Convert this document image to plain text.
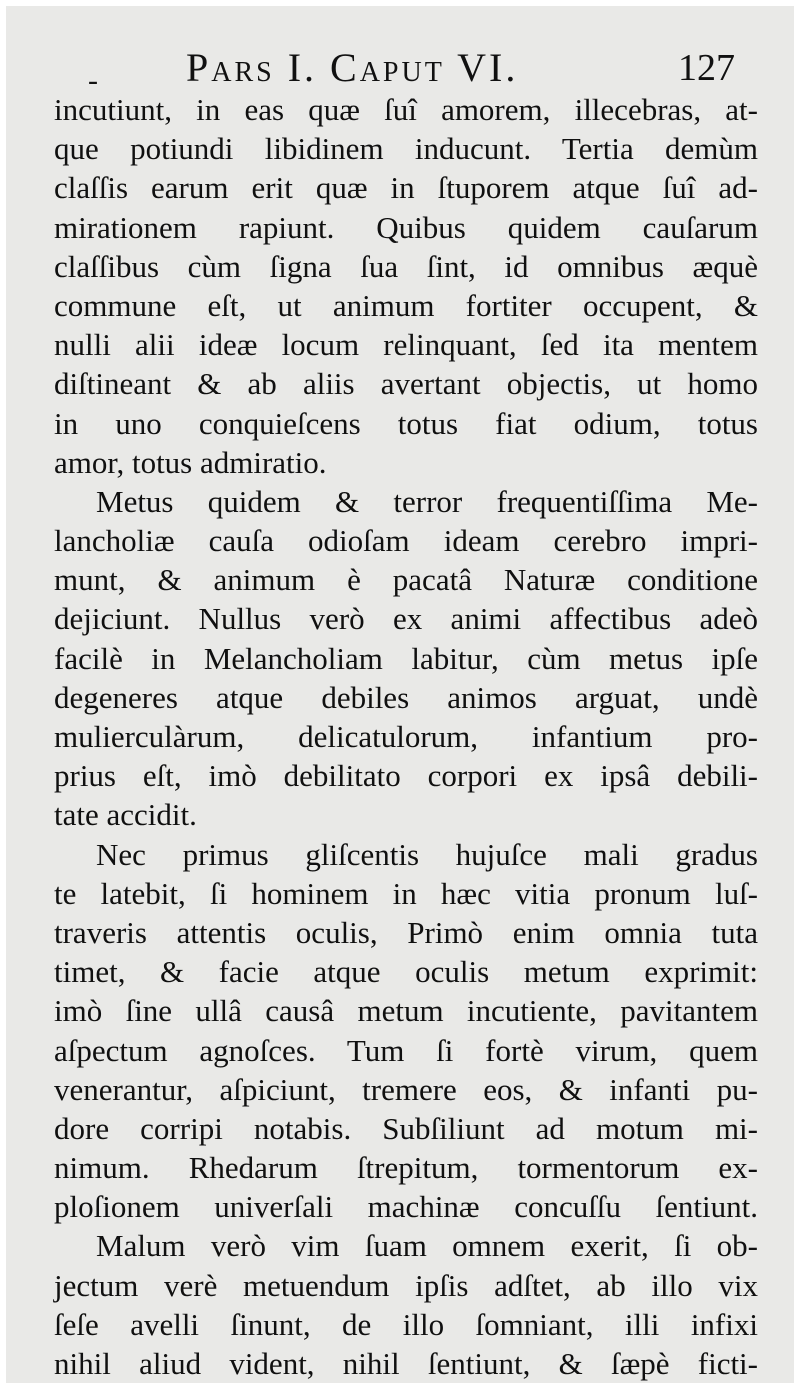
- Pars I. Caput VI.	127
incutiunt, in eas quæ ſuî amorem, illecebras, at-
que potiundi libidinem inducunt. Tertia demùm
claſſis earum erit quæ in ſtuporem atque ſuî ad-
mirationem rapiunt. Quibus quidem cauſarum
claſſibus cùm ſigna ſua ſint, id omnibus æquè
commune eſt, ut animum fortiter occupent, &
nulli alii ideæ locum relinquant, ſed ita mentem
diſtineant & ab aliis avertant objectis, ut homo
in uno conquieſcens totus fiat odium, totus
amor, totus admiratio.
Metus quidem & terror frequentiſſima Me-
lancholiæ cauſa odioſam ideam cerebro impri-
munt, & animum è pacatâ Naturæ conditione
dejiciunt. Nullus verò ex animi affectibus adeò
facilè in Melancholiam labitur, cùm metus ipſe
degeneres atque debiles animos arguat, undè
mulierculàrum, delicatulorum, infantium pro-
prius eſt, imò debilitato corpori ex ipsâ debili-
tate accidit.
Nec primus gliſcentis hujuſce mali gradus
te latebit, ſi hominem in hæc vitia pronum luſ-
traveris attentis oculis, Primò enim omnia tuta
timet, & facie atque oculis metum exprimit:
imò ſine ullâ causâ metum incutiente, pavitantem
aſpectum agnoſces. Tum ſi fortè virum, quem
venerantur, aſpiciunt, tremere eos, & infanti pu-
dore corripi notabis. Subſiliunt ad motum mi-
nimum. Rhedarum ſtrepitum, tormentorum ex-
ploſionem univerſali machinæ concuſſu ſentiunt.
Malum verò vim ſuam omnem exerit, ſi ob-
jectum verè metuendum ipſis adſtet, ab illo vix
ſeſe avelli ſinunt, de illo ſomniant, illi infixi
nihil aliud vident, nihil ſentiunt, & ſæpè ficti-
